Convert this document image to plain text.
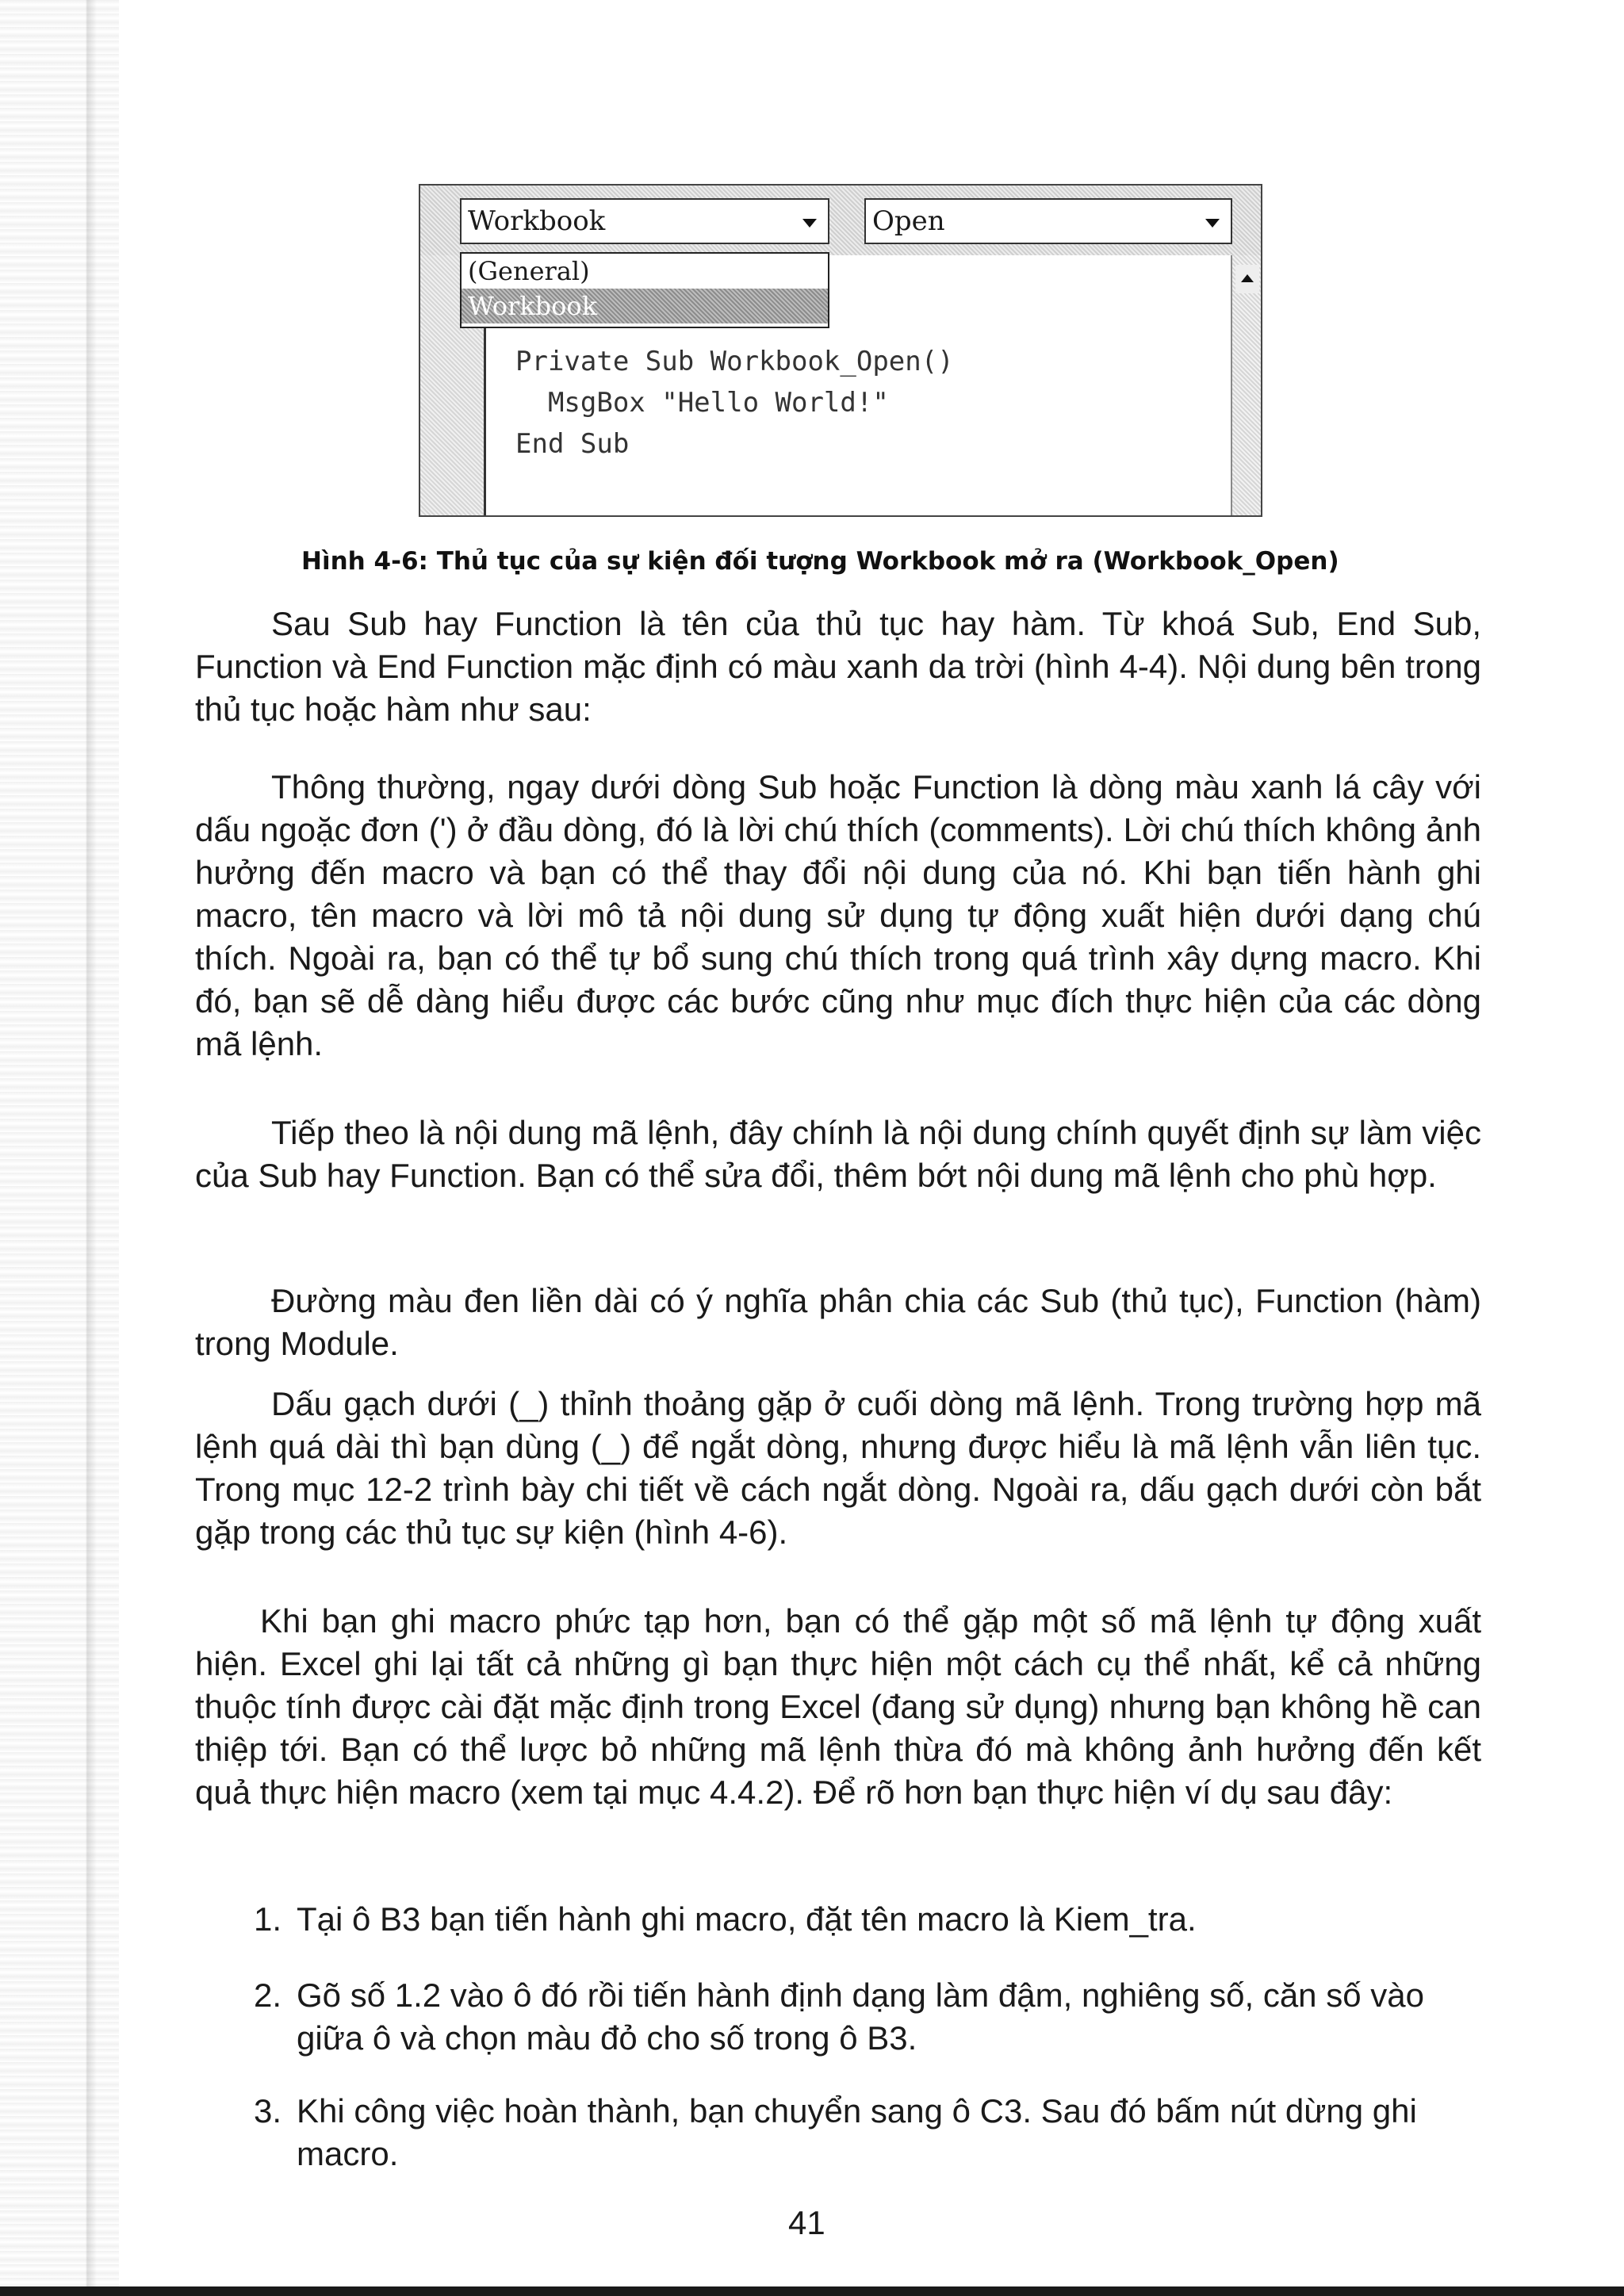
Workbook	Open
(General)
Workbook
Private Sub Workbook_Open()
MsgBox "Hello World!"
End Sub
Hình 4-6: Thủ tục của sự kiện đối tượng Workbook mở ra (Workbook_Open)

Sau Sub hay Function là tên của thủ tục hay hàm. Từ khoá Sub, End Sub, Function và End Function mặc định có màu xanh da trời (hình 4-4). Nội dung bên trong thủ tục hoặc hàm như sau:

Thông thường, ngay dưới dòng Sub hoặc Function là dòng màu xanh lá cây với dấu ngoặc đơn (') ở đầu dòng, đó là lời chú thích (comments). Lời chú thích không ảnh hưởng đến macro và bạn có thể thay đổi nội dung của nó. Khi bạn tiến hành ghi macro, tên macro và lời mô tả nội dung sử dụng tự động xuất hiện dưới dạng chú thích. Ngoài ra, bạn có thể tự bổ sung chú thích trong quá trình xây dựng macro. Khi đó, bạn sẽ dễ dàng hiểu được các bước cũng như mục đích thực hiện của các dòng mã lệnh.

Tiếp theo là nội dung mã lệnh, đây chính là nội dung chính quyết định sự làm việc của Sub hay Function. Bạn có thể sửa đổi, thêm bớt nội dung mã lệnh cho phù hợp.

Đường màu đen liền dài có ý nghĩa phân chia các Sub (thủ tục), Function (hàm) trong Module.

Dấu gạch dưới (_) thỉnh thoảng gặp ở cuối dòng mã lệnh. Trong trường hợp mã lệnh quá dài thì bạn dùng (_) để ngắt dòng, nhưng được hiểu là mã lệnh vẫn liên tục. Trong mục 12-2 trình bày chi tiết về cách ngắt dòng. Ngoài ra, dấu gạch dưới còn bắt gặp trong các thủ tục sự kiện (hình 4-6).

Khi bạn ghi macro phức tạp hơn, bạn có thể gặp một số mã lệnh tự động xuất hiện. Excel ghi lại tất cả những gì bạn thực hiện một cách cụ thể nhất, kể cả những thuộc tính được cài đặt mặc định trong Excel (đang sử dụng) nhưng bạn không hề can thiệp tới. Bạn có thể lược bỏ những mã lệnh thừa đó mà không ảnh hưởng đến kết quả thực hiện macro (xem tại mục 4.4.2). Để rõ hơn bạn thực hiện ví dụ sau đây:

1. Tại ô B3 bạn tiến hành ghi macro, đặt tên macro là Kiem_tra.
2. Gõ số 1.2 vào ô đó rồi tiến hành định dạng làm đậm, nghiêng số, căn số vào giữa ô và chọn màu đỏ cho số trong ô B3.
3. Khi công việc hoàn thành, bạn chuyển sang ô C3. Sau đó bấm nút dừng ghi macro.
41
